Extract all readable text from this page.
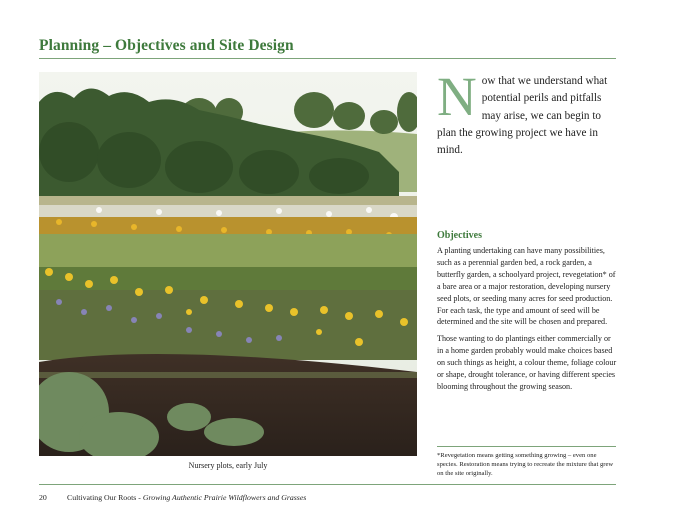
Planning – Objectives and Site Design
Nursery plots, early July
Now that we understand what potential perils and pitfalls may arise, we can begin to plan the growing project we have in mind.
Objectives

A planting undertaking can have many possibilities, such as a perennial garden bed, a rock garden, a butterfly garden, a schoolyard project, revegetation* of a bare area or a major restoration, developing nursery seed plots, or seeding many acres for seed production. For each task, the type and amount of seed will be determined and the site will be chosen and prepared.

Those wanting to do plantings either commercially or in a home garden probably would make choices based on such things as height, a colour theme, foliage colour or shape, drought tolerance, or having different species blooming throughout the growing season.

*Revegetation means getting something growing – even one species. Restoration means trying to recreate the mixture that grew on the site originally.
20	Cultivating Our Roots - Growing Authentic Prairie Wildflowers and Grasses
